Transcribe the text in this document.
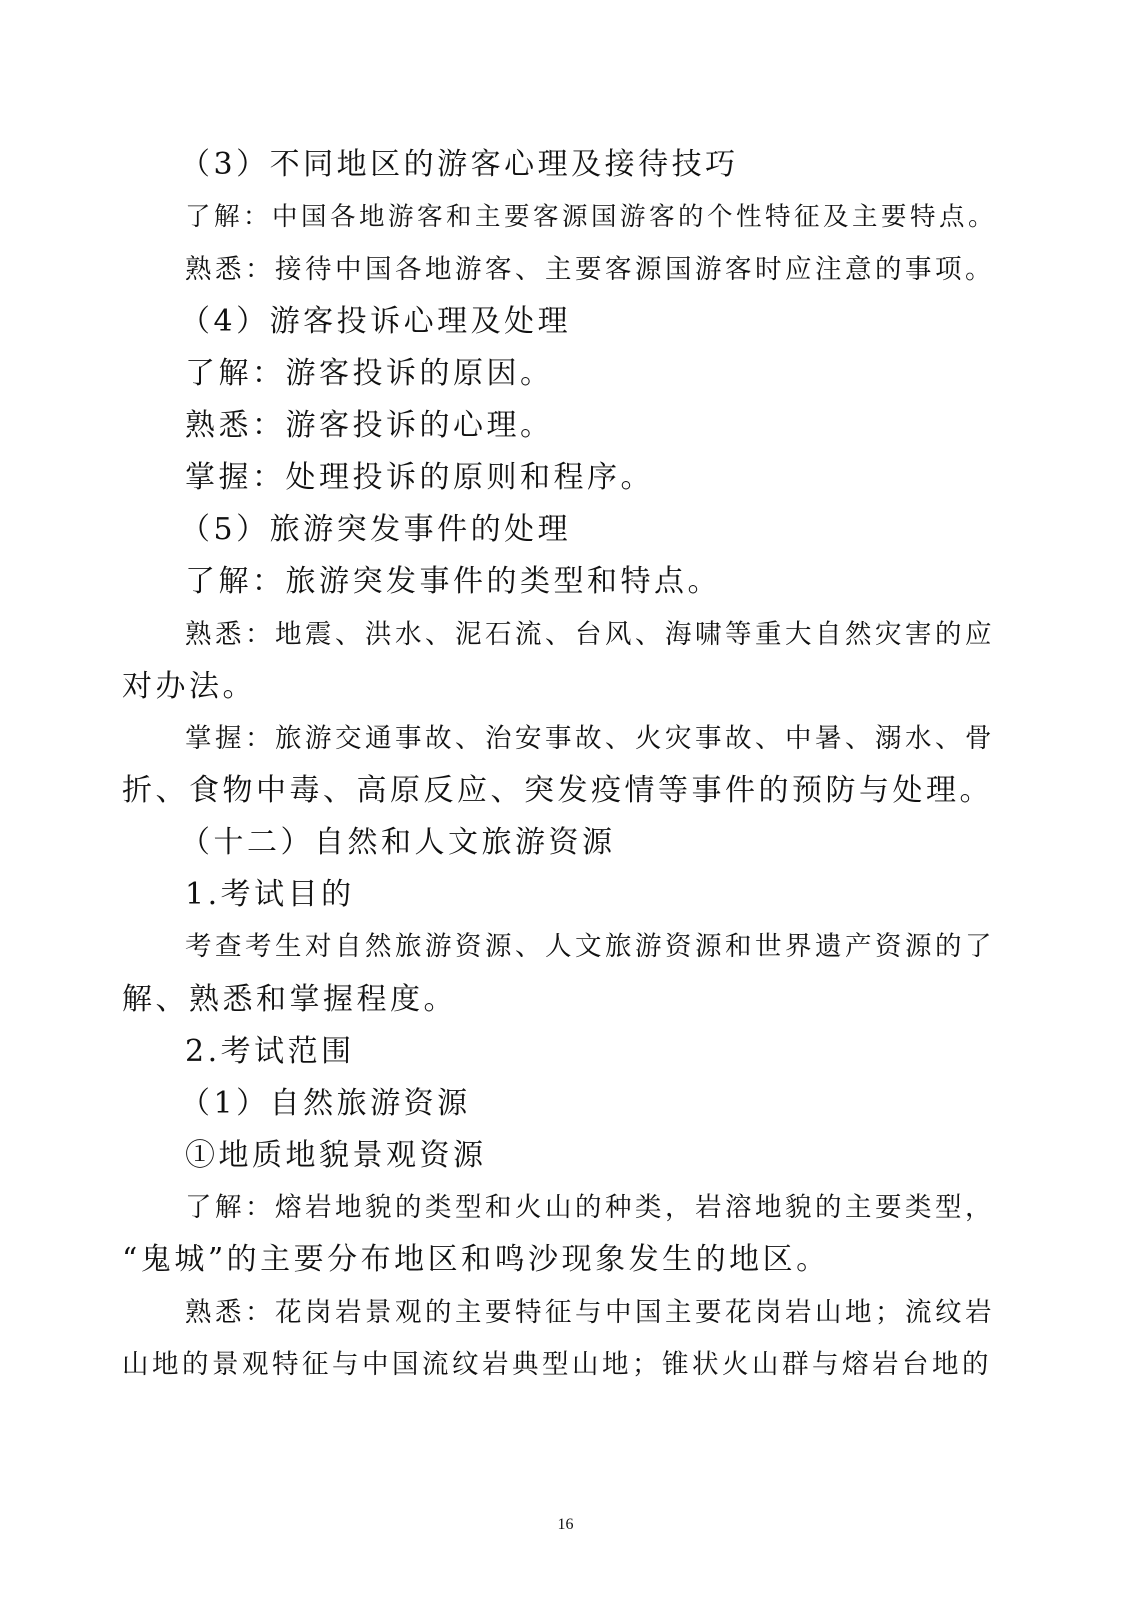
（3）不同地区的游客心理及接待技巧
了解：中国各地游客和主要客源国游客的个性特征及主要特点。
熟悉：接待中国各地游客、主要客源国游客时应注意的事项。
（4）游客投诉心理及处理
了解：游客投诉的原因。
熟悉：游客投诉的心理。
掌握：处理投诉的原则和程序。
（5）旅游突发事件的处理
了解：旅游突发事件的类型和特点。
熟悉：地震、洪水、泥石流、台风、海啸等重大自然灾害的应
对办法。
掌握：旅游交通事故、治安事故、火灾事故、中暑、溺水、骨
折、食物中毒、高原反应、突发疫情等事件的预防与处理。
（十二）自然和人文旅游资源
1.考试目的
考查考生对自然旅游资源、人文旅游资源和世界遗产资源的了
解、熟悉和掌握程度。
2.考试范围
（1）自然旅游资源
①地质地貌景观资源
了解：熔岩地貌的类型和火山的种类，岩溶地貌的主要类型，
“鬼城”的主要分布地区和鸣沙现象发生的地区。
熟悉：花岗岩景观的主要特征与中国主要花岗岩山地；流纹岩
山地的景观特征与中国流纹岩典型山地；锥状火山群与熔岩台地的
16
